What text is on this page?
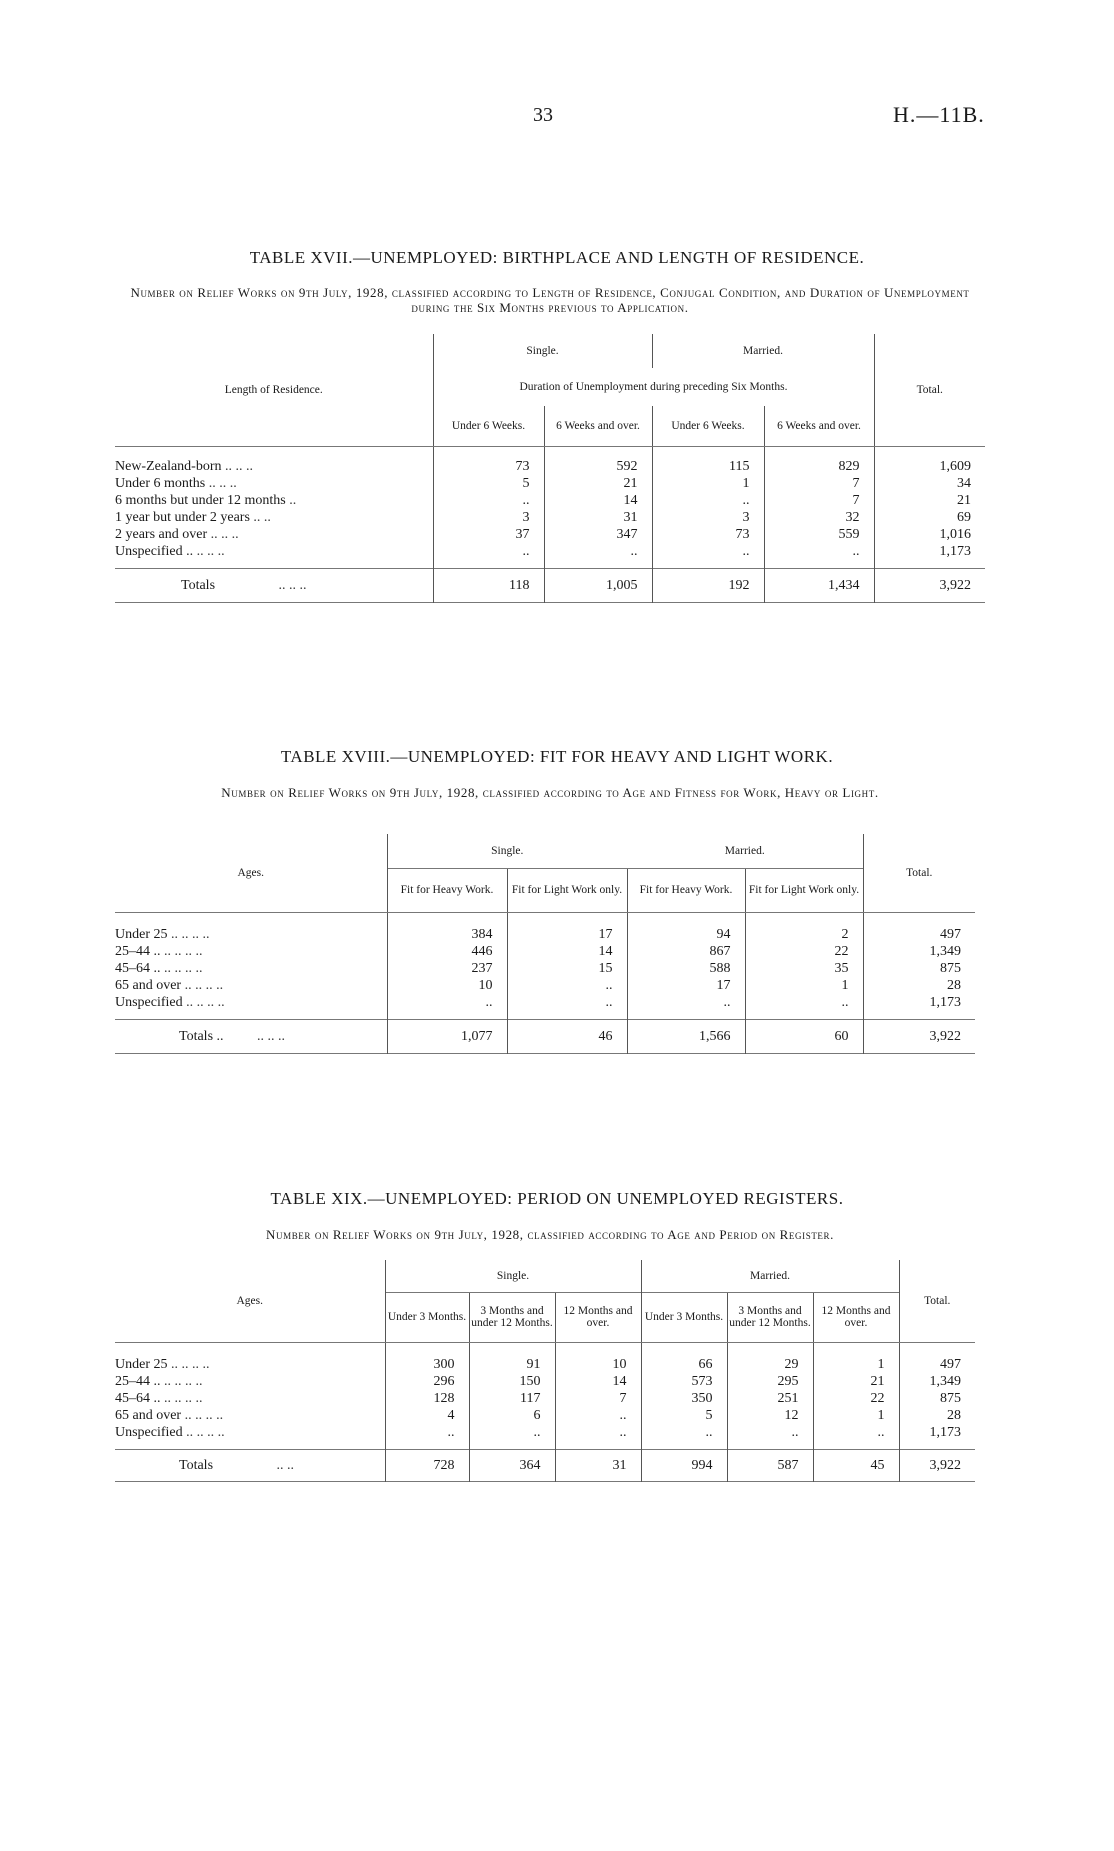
33	H.—11B.
TABLE XVII.—UNEMPLOYED: BIRTHPLACE AND LENGTH OF RESIDENCE.
Number on Relief Works on 9th July, 1928, classified according to Length of Residence, Conjugal Condition, and Duration of Unemployment during the Six Months previous to Application.
Length of Residence.	Single.		Married.		Total.
	Duration of Unemployment during preceding Six Months.				
	Under 6 Weeks.	6 Weeks and over.	Under 6 Weeks.	6 Weeks and over.	

New-Zealand-born .. .. ..	73	592	115	829	1,609
Under 6 months .. .. ..	5	21	1	7	34
6 months but under 12 months ..	..	14	..	7	21
1 year but under 2 years .. ..	3	31	3	32	69
2 years and over .. .. ..	37	347	73	559	1,016
Unspecified .. .. .. ..	..	..	..	..	1,173

Totals .. .. ..	118	1,005	192	1,434	3,922

TABLE XVIII.—UNEMPLOYED: FIT FOR HEAVY AND LIGHT WORK.
Number on Relief Works on 9th July, 1928, classified according to Age and Fitness for Work, Heavy or Light.
Ages.	Single.		Married.		Total.
	Fit for Heavy Work.	Fit for Light Work only.	Fit for Heavy Work.	Fit for Light Work only.	

Under 25 .. .. .. ..	384	17	94	2	497
25–44 .. .. .. .. ..	446	14	867	22	1,349
45–64 .. .. .. .. ..	237	15	588	35	875
65 and over .. .. .. ..	10	..	17	1	28
Unspecified .. .. .. ..	..	..	..	..	1,173

Totals .. .. .. ..	1,077	46	1,566	60	3,922

TABLE XIX.—UNEMPLOYED: PERIOD ON UNEMPLOYED REGISTERS.
Number on Relief Works on 9th July, 1928, classified according to Age and Period on Register.
Ages.	Single.			Married.			Total.
	Under 3 Months.	3 Months and under 12 Months.	12 Months and over.	Under 3 Months.	3 Months and under 12 Months.	12 Months and over.	

Under 25 .. .. .. ..	300	91	10	66	29	1	497
25–44 .. .. .. .. ..	296	150	14	573	295	21	1,349
45–64 .. .. .. .. ..	128	117	7	350	251	22	875
65 and over .. .. .. ..	4	6	..	5	12	1	28
Unspecified .. .. .. ..	..	..	..	..	..	..	1,173

Totals .. ..	728	364	31	994	587	45	3,922
